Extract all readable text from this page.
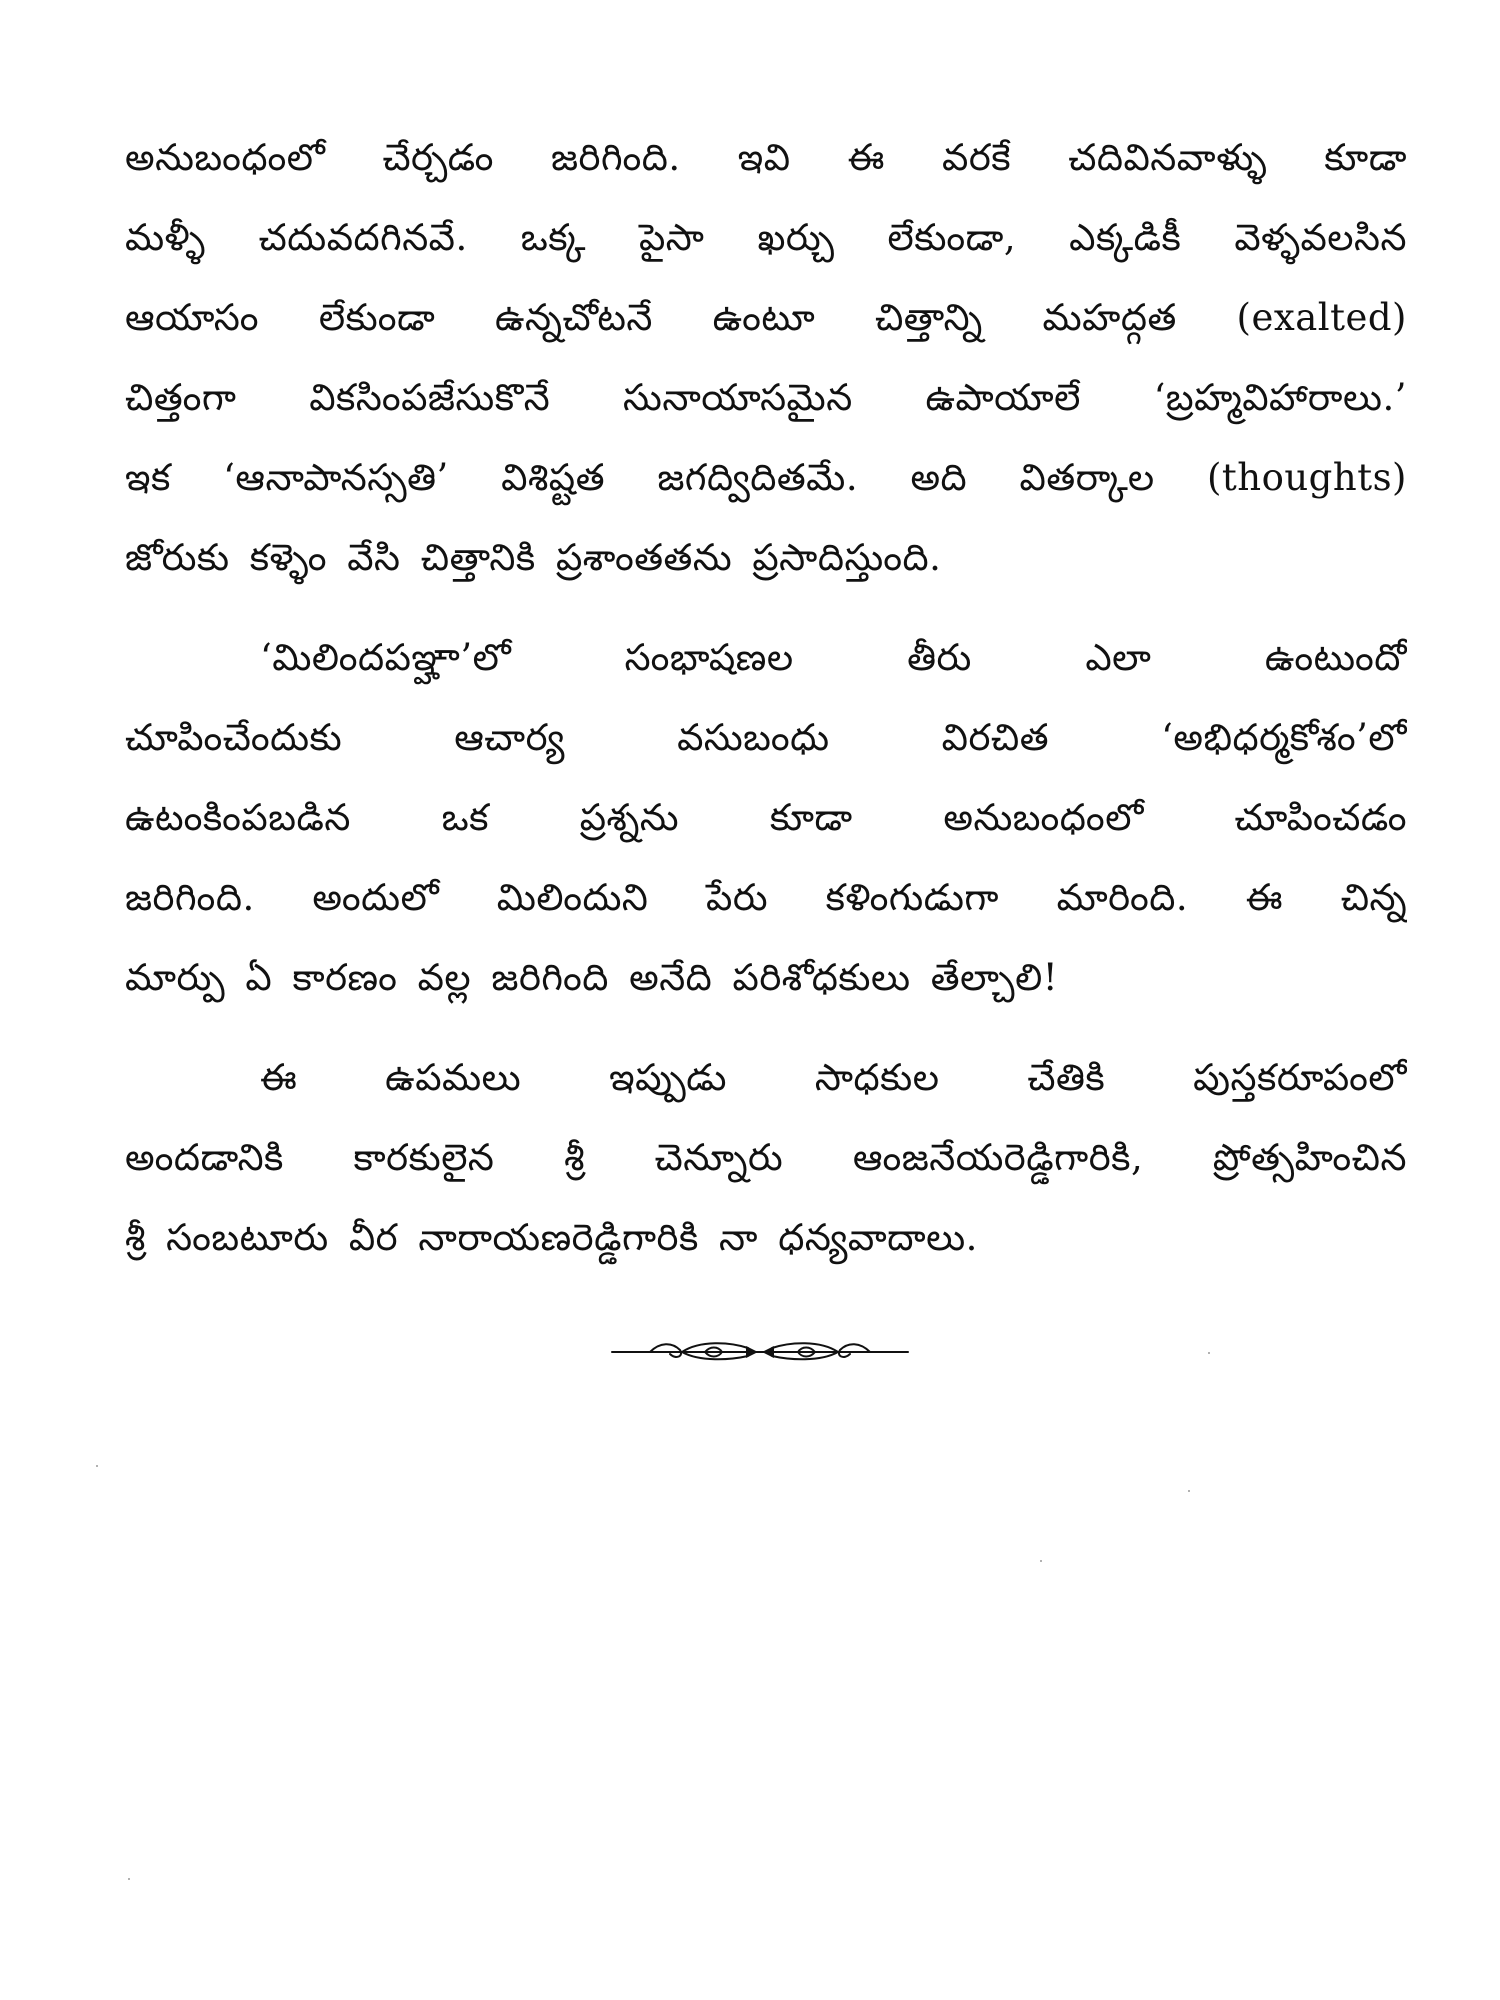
అనుబంధంలో చేర్చడం జరిగింది. ఇవి ఈ వరకే చదివినవాళ్ళు కూడా
మళ్ళీ చదువదగినవే. ఒక్క పైసా ఖర్చు లేకుండా, ఎక్కడికీ వెళ్ళవలసిన
ఆయాసం లేకుండా ఉన్నచోటనే ఉంటూ చిత్తాన్ని మహద్గత (exalted)
చిత్తంగా వికసింపజేసుకొనే సునాయాసమైన ఉపాయాలే ‘బ్రహ్మవిహారాలు.’
ఇక ‘ఆనాపానస్సతి’ విశిష్టత జగద్విదితమే. అది వితర్కాల (thoughts)
జోరుకు కళ్ళెం వేసి చిత్తానికి ప్రశాంతతను ప్రసాదిస్తుంది.

‘మిలిందపఞ్హా’లో సంభాషణల తీరు ఎలా ఉంటుందో
చూపించేందుకు ఆచార్య వసుబంధు విరచిత ‘అభిధర్మకోశం’లో
ఉటంకింపబడిన ఒక ప్రశ్నను కూడా అనుబంధంలో చూపించడం
జరిగింది. అందులో మిలిందుని పేరు కళింగుడుగా మారింది. ఈ చిన్న
మార్పు ఏ కారణం వల్ల జరిగింది అనేది పరిశోధకులు తేల్చాలి!

ఈ ఉపమలు ఇప్పుడు సాధకుల చేతికి పుస్తకరూపంలో
అందడానికి కారకులైన శ్రీ చెన్నూరు ఆంజనేయరెడ్డిగారికి, ప్రోత్సహించిన
శ్రీ సంబటూరు వీర నారాయణరెడ్డిగారికి నా ధన్యవాదాలు.
